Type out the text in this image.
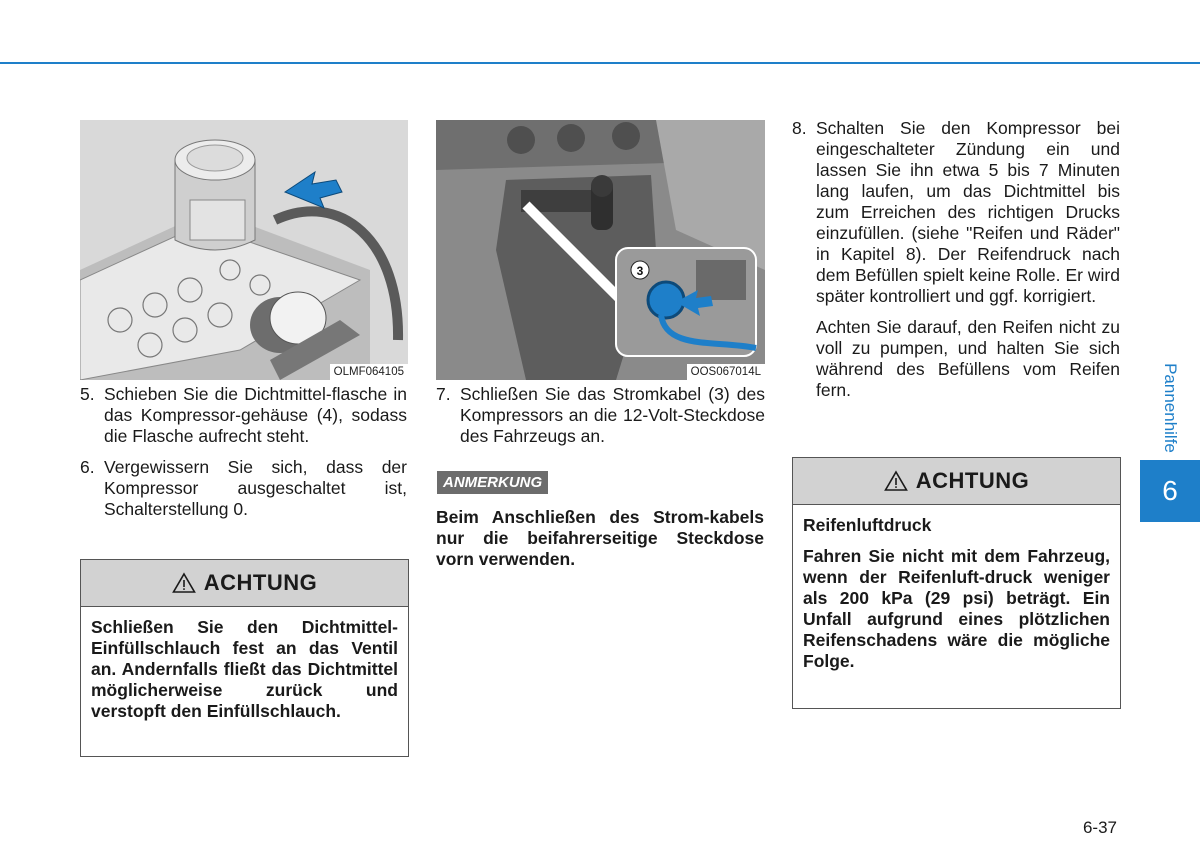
OLMF064105
3
OOS067014L
5. Schieben Sie die Dichtmittel-flasche in das Kompressor-gehäuse (4), sodass die Flasche aufrecht steht.
6. Vergewissern Sie sich, dass der Kompressor ausgeschaltet ist, Schalterstellung 0.
ACHTUNG

Schließen Sie den Dichtmittel-Einfüllschlauch fest an das Ventil an. Andernfalls fließt das Dichtmittel möglicherweise zurück und verstopft den Einfüllschlauch.

7. Schließen Sie das Stromkabel (3) des Kompressors an die 12-Volt-Steckdose des Fahrzeugs an.
ANMERKUNG
Beim Anschließen des Strom-kabels nur die beifahrerseitige Steckdose vorn verwenden.
8. Schalten Sie den Kompressor bei eingeschalteter Zündung ein und lassen Sie ihn etwa 5 bis 7 Minuten lang laufen, um das Dichtmittel bis zum Erreichen des richtigen Drucks einzufüllen. (siehe "Reifen und Räder" in Kapitel 8). Der Reifendruck nach dem Befüllen spielt keine Rolle. Er wird später kontrolliert und ggf. korrigiert.
Achten Sie darauf, den Reifen nicht zu voll zu pumpen, und halten Sie sich während des Befüllens vom Reifen fern.
ACHTUNG

Reifenluftdruck

Fahren Sie nicht mit dem Fahrzeug, wenn der Reifenluft-druck weniger als 200 kPa (29 psi) beträgt. Ein Unfall aufgrund eines plötzlichen Reifenschadens wäre die mögliche Folge.

Pannenhilfe
6
6-37
